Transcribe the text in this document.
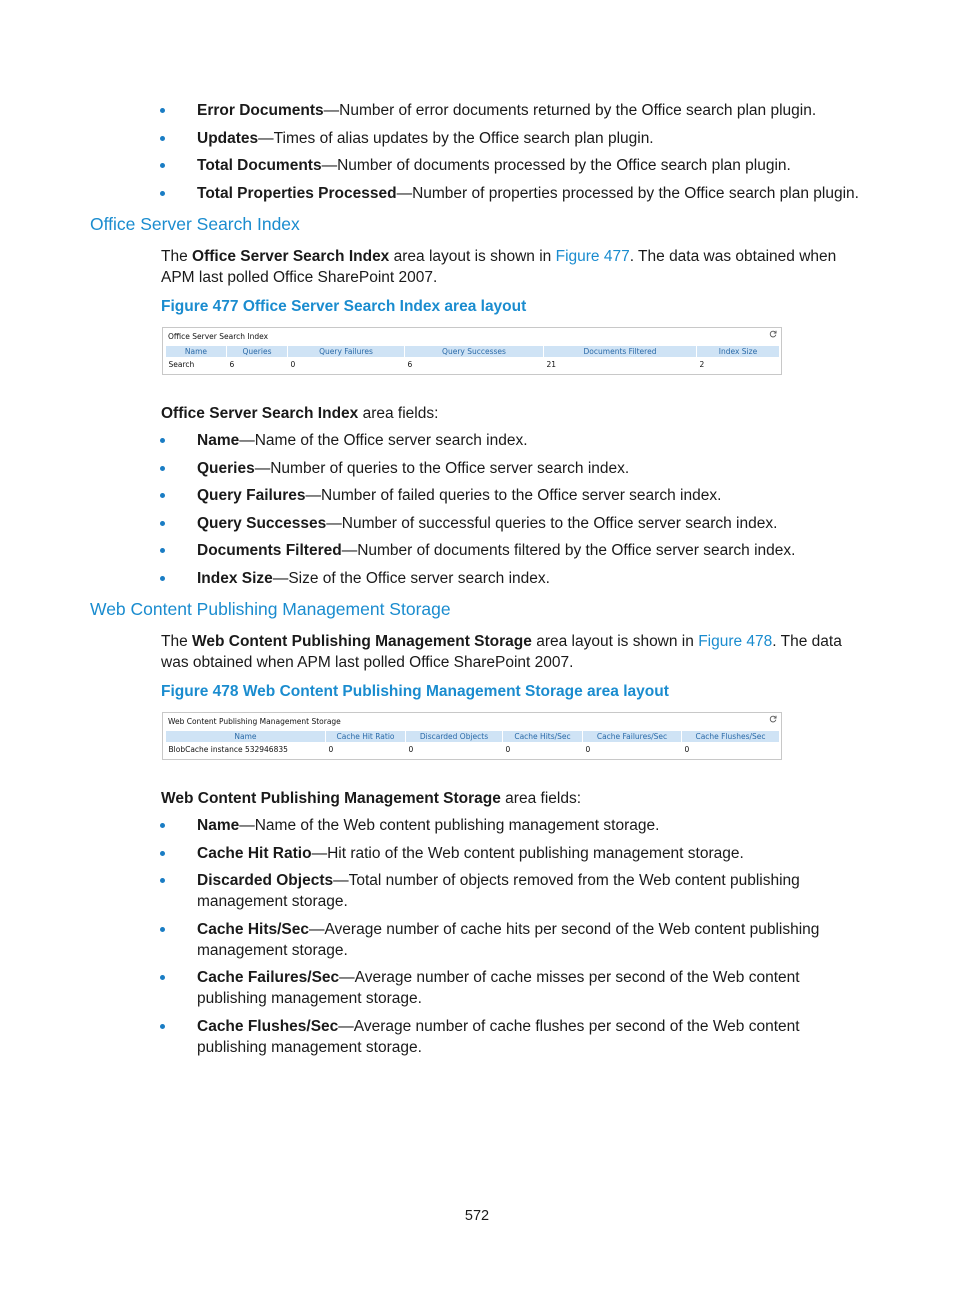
Error Documents—Number of error documents returned by the Office search plan plugin.
Updates—Times of alias updates by the Office search plan plugin.
Total Documents—Number of documents processed by the Office search plan plugin.
Total Properties Processed—Number of properties processed by the Office search plan plugin.
Office Server Search Index
The Office Server Search Index area layout is shown in Figure 477. The data was obtained when APM last polled Office SharePoint 2007.
Figure 477 Office Server Search Index area layout
Office Server Search Index
Name	Queries	Query Failures	Query Successes	Documents Filtered	Index Size
Search	6	0	6	21	2
Office Server Search Index area fields:
Name—Name of the Office server search index.
Queries—Number of queries to the Office server search index.
Query Failures—Number of failed queries to the Office server search index.
Query Successes—Number of successful queries to the Office server search index.
Documents Filtered—Number of documents filtered by the Office server search index.
Index Size—Size of the Office server search index.
Web Content Publishing Management Storage
The Web Content Publishing Management Storage area layout is shown in Figure 478. The data was obtained when APM last polled Office SharePoint 2007.
Figure 478 Web Content Publishing Management Storage area layout
Web Content Publishing Management Storage
Name	Cache Hit Ratio	Discarded Objects	Cache Hits/Sec	Cache Failures/Sec	Cache Flushes/Sec
BlobCache instance 532946835	0	0	0	0	0
Web Content Publishing Management Storage area fields:
Name—Name of the Web content publishing management storage.
Cache Hit Ratio—Hit ratio of the Web content publishing management storage.
Discarded Objects—Total number of objects removed from the Web content publishing management storage.
Cache Hits/Sec—Average number of cache hits per second of the Web content publishing management storage.
Cache Failures/Sec—Average number of cache misses per second of the Web content publishing management storage.
Cache Flushes/Sec—Average number of cache flushes per second of the Web content publishing management storage.
572
